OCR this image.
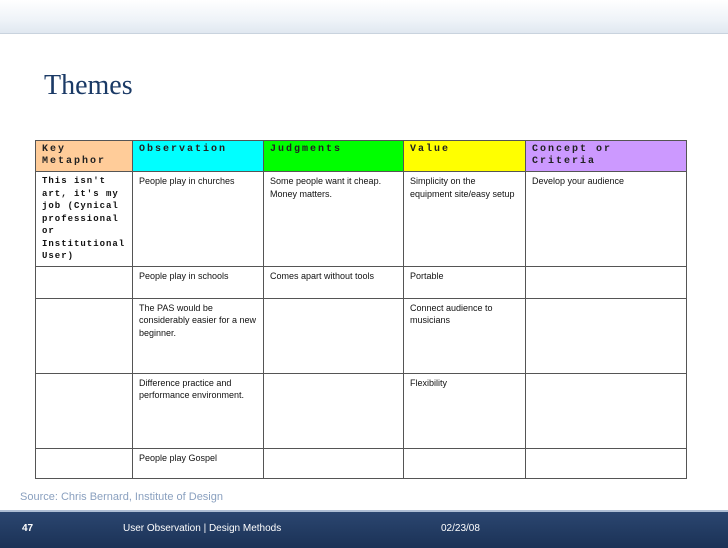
Themes
Key Metaphor	Observation	Judgments	Value	Concept or Criteria
This isn't art, it's my job (Cynical professional or Institutional User)	People play in churches	Some people want it cheap. Money matters.	Simplicity on the equipment site/easy setup	Develop your audience
	People play in schools	Comes apart without tools	Portable	
	The PAS would be considerably easier for a new beginner.		Connect audience to musicians	
	Difference practice and performance environment.		Flexibility	
	People play Gospel			
Source: Chris Bernard, Institute of Design
47	User Observation | Design Methods	02/23/08
